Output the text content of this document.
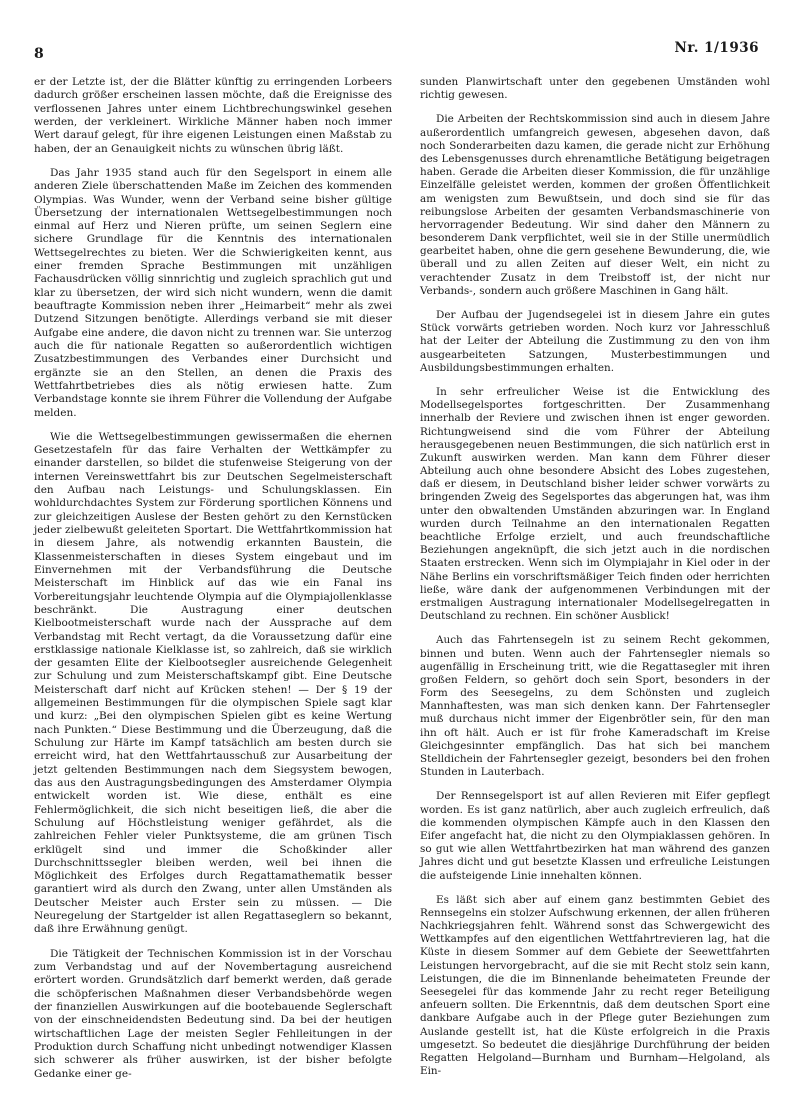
8	Nr. 1/1936

er der Letzte ist, der die Blätter künftig zu erringenden Lorbeers dadurch größer erscheinen lassen möchte, daß die Ereignisse des verflossenen Jahres unter einem Lichtbrechungswinkel gesehen werden, der verkleinert. Wirkliche Männer haben noch immer Wert darauf gelegt, für ihre eigenen Leistungen einen Maßstab zu haben, der an Genauigkeit nichts zu wünschen übrig läßt.

Das Jahr 1935 stand auch für den Segelsport in einem alle anderen Ziele überschattenden Maße im Zeichen des kommenden Olympias. Was Wunder, wenn der Verband seine bisher gültige Übersetzung der internationalen Wettsegelbestimmungen noch einmal auf Herz und Nieren prüfte, um seinen Seglern eine sichere Grundlage für die Kenntnis des internationalen Wettsegelrechtes zu bieten. Wer die Schwierigkeiten kennt, aus einer fremden Sprache Bestimmungen mit unzähligen Fachausdrücken völlig sinnrichtig und zugleich sprachlich gut und klar zu übersetzen, der wird sich nicht wundern, wenn die damit beauftragte Kommission neben ihrer „Heimarbeit“ mehr als zwei Dutzend Sitzungen benötigte. Allerdings verband sie mit dieser Aufgabe eine andere, die davon nicht zu trennen war. Sie unterzog auch die für nationale Regatten so außerordentlich wichtigen Zusatzbestimmungen des Verbandes einer Durchsicht und ergänzte sie an den Stellen, an denen die Praxis des Wettfahrtbetriebes dies als nötig erwiesen hatte. Zum Verbandstage konnte sie ihrem Führer die Vollendung der Aufgabe melden.

Wie die Wettsegelbestimmungen gewissermaßen die ehernen Gesetzestafeln für das faire Verhalten der Wettkämpfer zu einander darstellen, so bildet die stufenweise Steigerung von der internen Vereinswettfahrt bis zur Deutschen Segelmeisterschaft den Aufbau nach Leistungs- und Schulungsklassen. Ein wohldurchdachtes System zur Förderung sportlichen Könnens und zur gleichzeitigen Auslese der Besten gehört zu den Kernstücken jeder zielbewußt geleiteten Sportart. Die Wettfahrtkommission hat in diesem Jahre, als notwendig erkannten Baustein, die Klassenmeisterschaften in dieses System eingebaut und im Einvernehmen mit der Verbandsführung die Deutsche Meisterschaft im Hinblick auf das wie ein Fanal ins Vorbereitungsjahr leuchtende Olympia auf die Olympiajollenklasse beschränkt. Die Austragung einer deutschen Kielbootmeisterschaft wurde nach der Aussprache auf dem Verbandstag mit Recht vertagt, da die Voraussetzung dafür eine erstklassige nationale Kielklasse ist, so zahlreich, daß sie wirklich der gesamten Elite der Kielbootsegler ausreichende Gelegenheit zur Schulung und zum Meisterschaftskampf gibt. Eine Deutsche Meisterschaft darf nicht auf Krücken stehen! — Der § 19 der allgemeinen Bestimmungen für die olympischen Spiele sagt klar und kurz: „Bei den olympischen Spielen gibt es keine Wertung nach Punkten.“ Diese Bestimmung und die Überzeugung, daß die Schulung zur Härte im Kampf tatsächlich am besten durch sie erreicht wird, hat den Wettfahrtausschuß zur Ausarbeitung der jetzt geltenden Bestimmungen nach dem Siegsystem bewogen, das aus den Austragungsbedingungen des Amsterdamer Olympia entwickelt worden ist. Wie diese, enthält es eine Fehlermöglichkeit, die sich nicht beseitigen ließ, die aber die Schulung auf Höchstleistung weniger gefährdet, als die zahlreichen Fehler vieler Punktsysteme, die am grünen Tisch erklügelt sind und immer die Schoßkinder aller Durchschnittssegler bleiben werden, weil bei ihnen die Möglichkeit des Erfolges durch Regattamathematik besser garantiert wird als durch den Zwang, unter allen Umständen als Deutscher Meister auch Erster sein zu müssen. — Die Neuregelung der Startgelder ist allen Regattaseglern so bekannt, daß ihre Erwähnung genügt.

Die Tätigkeit der Technischen Kommission ist in der Vorschau zum Verbandstag und auf der Novembertagung ausreichend erörtert worden. Grundsätzlich darf bemerkt werden, daß gerade die schöpferischen Maßnahmen dieser Verbandsbehörde wegen der finanziellen Auswirkungen auf die bootebauende Seglerschaft von der einschneidendsten Bedeutung sind. Da bei der heutigen wirtschaftlichen Lage der meisten Segler Fehlleitungen in der Produktion durch Schaffung nicht unbedingt notwendiger Klassen sich schwerer als früher auswirken, ist der bisher befolgte Gedanke einer ge-

sunden Planwirtschaft unter den gegebenen Umständen wohl richtig gewesen.

Die Arbeiten der Rechtskommission sind auch in diesem Jahre außerordentlich umfangreich gewesen, abgesehen davon, daß noch Sonderarbeiten dazu kamen, die gerade nicht zur Erhöhung des Lebensgenusses durch ehrenamtliche Betätigung beigetragen haben. Gerade die Arbeiten dieser Kommission, die für unzählige Einzelfälle geleistet werden, kommen der großen Öffentlichkeit am wenigsten zum Bewußtsein, und doch sind sie für das reibungslose Arbeiten der gesamten Verbandsmaschinerie von hervorragender Bedeutung. Wir sind daher den Männern zu besonderem Dank verpflichtet, weil sie in der Stille unermüdlich gearbeitet haben, ohne die gern gesehene Bewunderung, die, wie überall und zu allen Zeiten auf dieser Welt, ein nicht zu verachtender Zusatz in dem Treibstoff ist, der nicht nur Verbands-, sondern auch größere Maschinen in Gang hält.

Der Aufbau der Jugendsegelei ist in diesem Jahre ein gutes Stück vorwärts getrieben worden. Noch kurz vor Jahresschluß hat der Leiter der Abteilung die Zustimmung zu den von ihm ausgearbeiteten Satzungen, Musterbestimmungen und Ausbildungsbestimmungen erhalten.

In sehr erfreulicher Weise ist die Entwicklung des Modellsegelsportes fortgeschritten. Der Zusammenhang innerhalb der Reviere und zwischen ihnen ist enger geworden. Richtungweisend sind die vom Führer der Abteilung herausgegebenen neuen Bestimmungen, die sich natürlich erst in Zukunft auswirken werden. Man kann dem Führer dieser Abteilung auch ohne besondere Absicht des Lobes zugestehen, daß er diesem, in Deutschland bisher leider schwer vorwärts zu bringenden Zweig des Segelsportes das abgerungen hat, was ihm unter den obwaltenden Umständen abzuringen war. In England wurden durch Teilnahme an den internationalen Regatten beachtliche Erfolge erzielt, und auch freundschaftliche Beziehungen angeknüpft, die sich jetzt auch in die nordischen Staaten erstrecken. Wenn sich im Olympiajahr in Kiel oder in der Nähe Berlins ein vorschriftsmäßiger Teich finden oder herrichten ließe, wäre dank der aufgenommenen Verbindungen mit der erstmaligen Austragung internationaler Modellsegelregatten in Deutschland zu rechnen. Ein schöner Ausblick!

Auch das Fahrtensegeln ist zu seinem Recht gekommen, binnen und buten. Wenn auch der Fahrtensegler niemals so augenfällig in Erscheinung tritt, wie die Regattasegler mit ihren großen Feldern, so gehört doch sein Sport, besonders in der Form des Seesegelns, zu dem Schönsten und zugleich Mannhaftesten, was man sich denken kann. Der Fahrtensegler muß durchaus nicht immer der Eigenbrötler sein, für den man ihn oft hält. Auch er ist für frohe Kameradschaft im Kreise Gleichgesinnter empfänglich. Das hat sich bei manchem Stelldichein der Fahrtensegler gezeigt, besonders bei den frohen Stunden in Lauterbach.

Der Rennsegelsport ist auf allen Revieren mit Eifer gepflegt worden. Es ist ganz natürlich, aber auch zugleich erfreulich, daß die kommenden olympischen Kämpfe auch in den Klassen den Eifer angefacht hat, die nicht zu den Olympiaklassen gehören. In so gut wie allen Wettfahrtbezirken hat man während des ganzen Jahres dicht und gut besetzte Klassen und erfreuliche Leistungen die aufsteigende Linie innehalten können.

Es läßt sich aber auf einem ganz bestimmten Gebiet des Rennsegelns ein stolzer Aufschwung erkennen, der allen früheren Nachkriegsjahren fehlt. Während sonst das Schwergewicht des Wettkampfes auf den eigentlichen Wettfahrtrevieren lag, hat die Küste in diesem Sommer auf dem Gebiete der Seewettfahrten Leistungen hervorgebracht, auf die sie mit Recht stolz sein kann, Leistungen, die die im Binnenlande beheimateten Freunde der Seesegelei für das kommende Jahr zu recht reger Beteiligung anfeuern sollten. Die Erkenntnis, daß dem deutschen Sport eine dankbare Aufgabe auch in der Pflege guter Beziehungen zum Auslande gestellt ist, hat die Küste erfolgreich in die Praxis umgesetzt. So bedeutet die diesjährige Durchführung der beiden Regatten Helgoland—Burnham und Burnham—Helgoland, als Ein-
